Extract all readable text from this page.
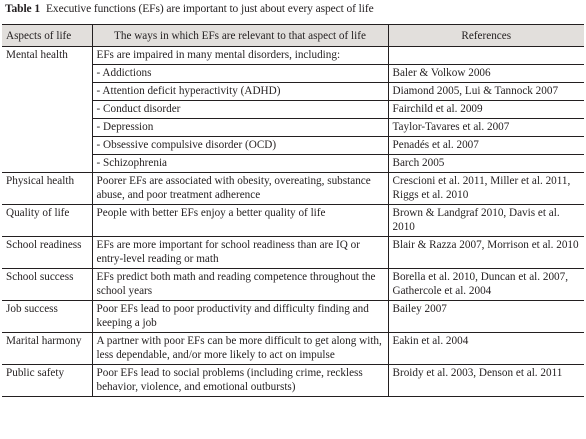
Table 1 Executive functions (EFs) are important to just about every aspect of life
Aspects of life	The ways in which EFs are relevant to that aspect of life	References
Mental health	EFs are impaired in many mental disorders, including:	
	- Addictions	Baler & Volkow 2006
	- Attention deficit hyperactivity (ADHD)	Diamond 2005, Lui & Tannock 2007
	- Conduct disorder	Fairchild et al. 2009
	- Depression	Taylor-Tavares et al. 2007
	- Obsessive compulsive disorder (OCD)	Penadés et al. 2007
	- Schizophrenia	Barch 2005
Physical health	Poorer EFs are associated with obesity, overeating, substance abuse, and poor treatment adherence	Crescioni et al. 2011, Miller et al. 2011, Riggs et al. 2010
Quality of life	People with better EFs enjoy a better quality of life	Brown & Landgraf 2010, Davis et al. 2010
School readiness	EFs are more important for school readiness than are IQ or entry-level reading or math	Blair & Razza 2007, Morrison et al. 2010
School success	EFs predict both math and reading competence throughout the school years	Borella et al. 2010, Duncan et al. 2007, Gathercole et al. 2004
Job success	Poor EFs lead to poor productivity and difficulty finding and keeping a job	Bailey 2007
Marital harmony	A partner with poor EFs can be more difficult to get along with, less dependable, and/or more likely to act on impulse	Eakin et al. 2004
Public safety	Poor EFs lead to social problems (including crime, reckless behavior, violence, and emotional outbursts)	Broidy et al. 2003, Denson et al. 2011
